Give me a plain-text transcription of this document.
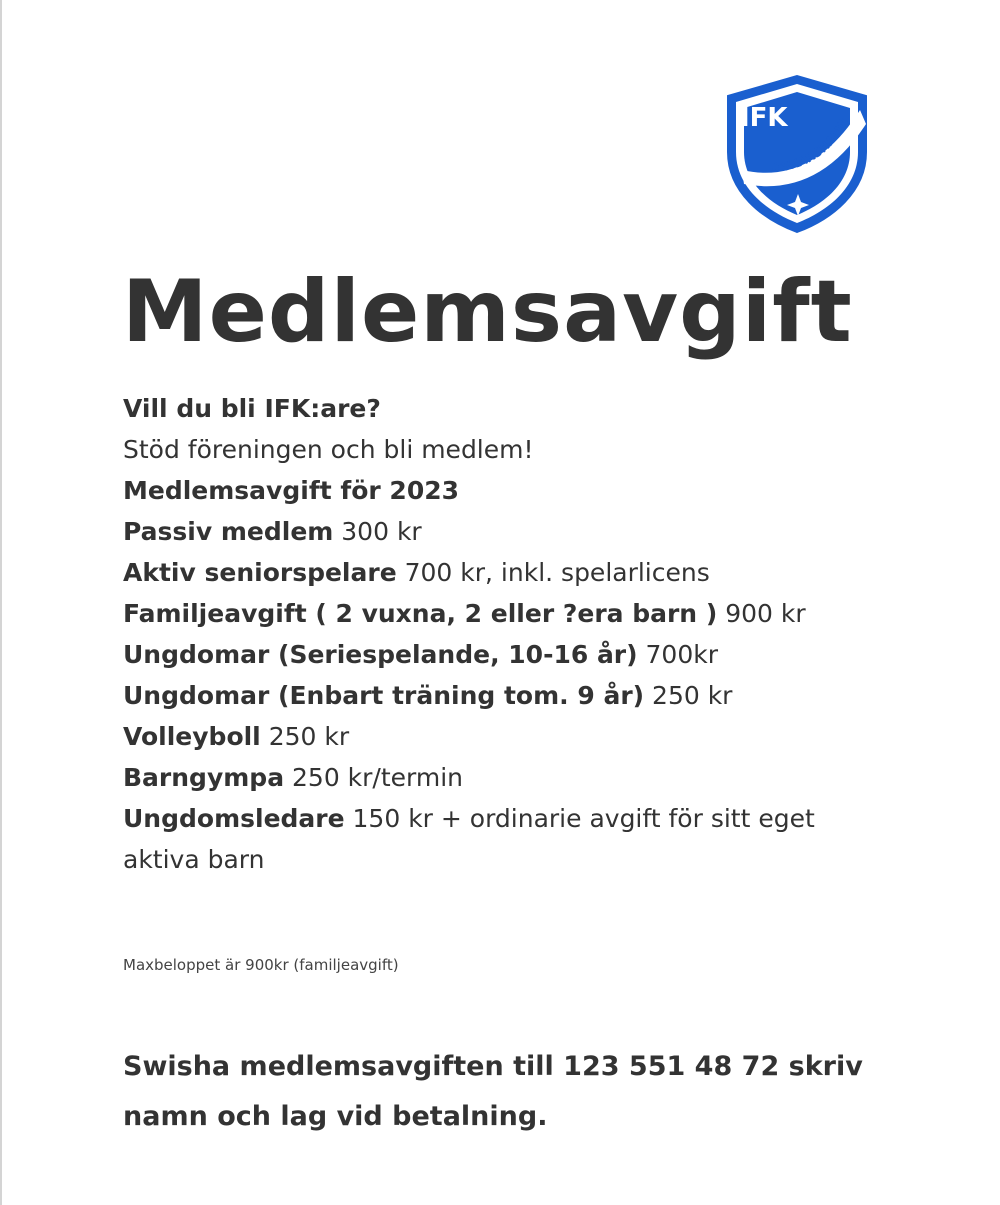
IFK
OSKARSHAMN
Medlemsavgift
Vill du bli IFK:are?
Stöd föreningen och bli medlem!
Medlemsavgift för 2023
Passiv medlem 300 kr
Aktiv seniorspelare 700 kr, inkl. spelarlicens
Familjeavgift ( 2 vuxna, 2 eller ?era barn ) 900 kr
Ungdomar (Seriespelande, 10-16 år) 700kr
Ungdomar (Enbart träning tom. 9 år) 250 kr
Volleyboll 250 kr
Barngympa 250 kr/termin
Ungdomsledare 150 kr + ordinarie avgift för sitt eget aktiva barn
Maxbeloppet är 900kr (familjeavgift)
Swisha medlemsavgiften till 123 551 48 72 skriv namn och lag vid betalning.
